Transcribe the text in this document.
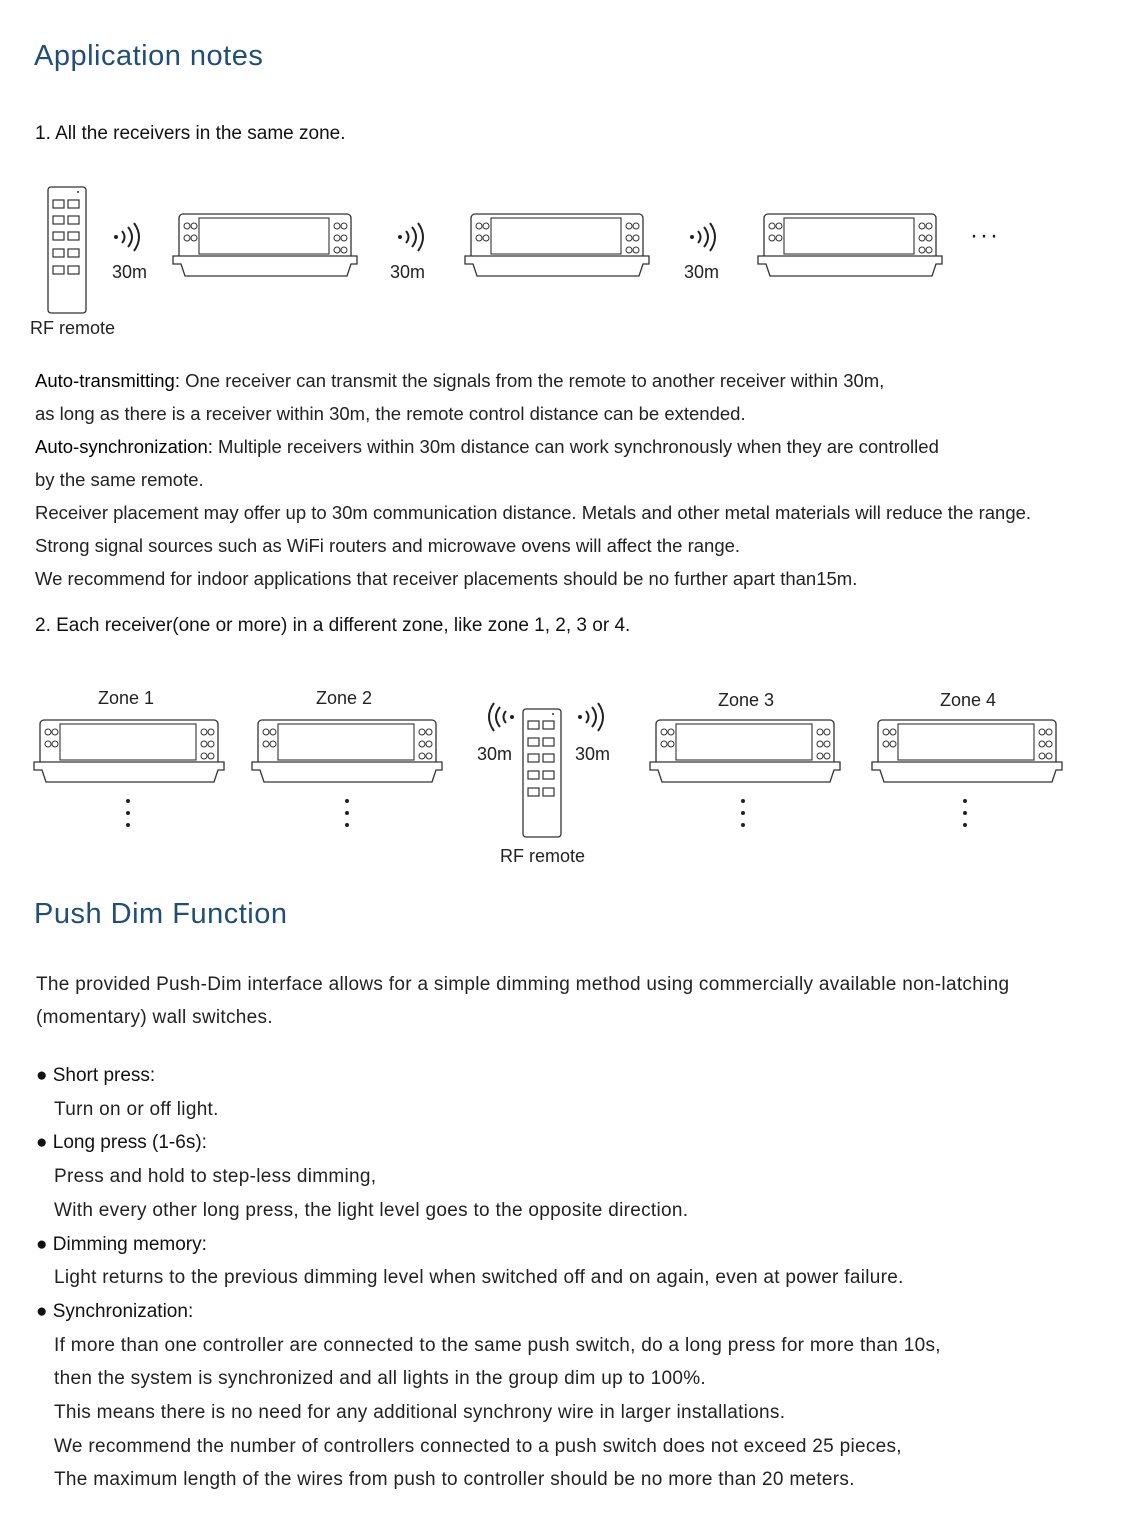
Application notes
1. All the receivers in the same zone.
RF remote
30m	30m	30m
···
Auto-transmitting: One receiver can transmit the signals from the remote to another receiver within 30m,
as long as there is a receiver within 30m, the remote control distance can be extended.
Auto-synchronization: Multiple receivers within 30m distance can work synchronously when they are controlled
by the same remote.
Receiver placement may offer up to 30m communication distance. Metals and other metal materials will reduce the range.
Strong signal sources such as WiFi routers and microwave ovens will affect the range.
We recommend for indoor applications that receiver placements should be no further apart than15m.
2. Each receiver(one or more) in a different zone, like zone 1, 2, 3 or 4.
Zone 1	Zone 2	Zone 3	Zone 4
30m	30m
RF remote
Push Dim Function
The provided Push-Dim interface allows for a simple dimming method using commercially available non-latching
(momentary) wall switches.
● Short press:
Turn on or off light.
● Long press (1-6s):
Press and hold to step-less dimming,
With every other long press, the light level goes to the opposite direction.
● Dimming memory:
Light returns to the previous dimming level when switched off and on again, even at power failure.
● Synchronization:
If more than one controller are connected to the same push switch, do a long press for more than 10s,
then the system is synchronized and all lights in the group dim up to 100%.
This means there is no need for any additional synchrony wire in larger installations.
We recommend the number of controllers connected to a push switch does not exceed 25 pieces,
The maximum length of the wires from push to controller should be no more than 20 meters.
